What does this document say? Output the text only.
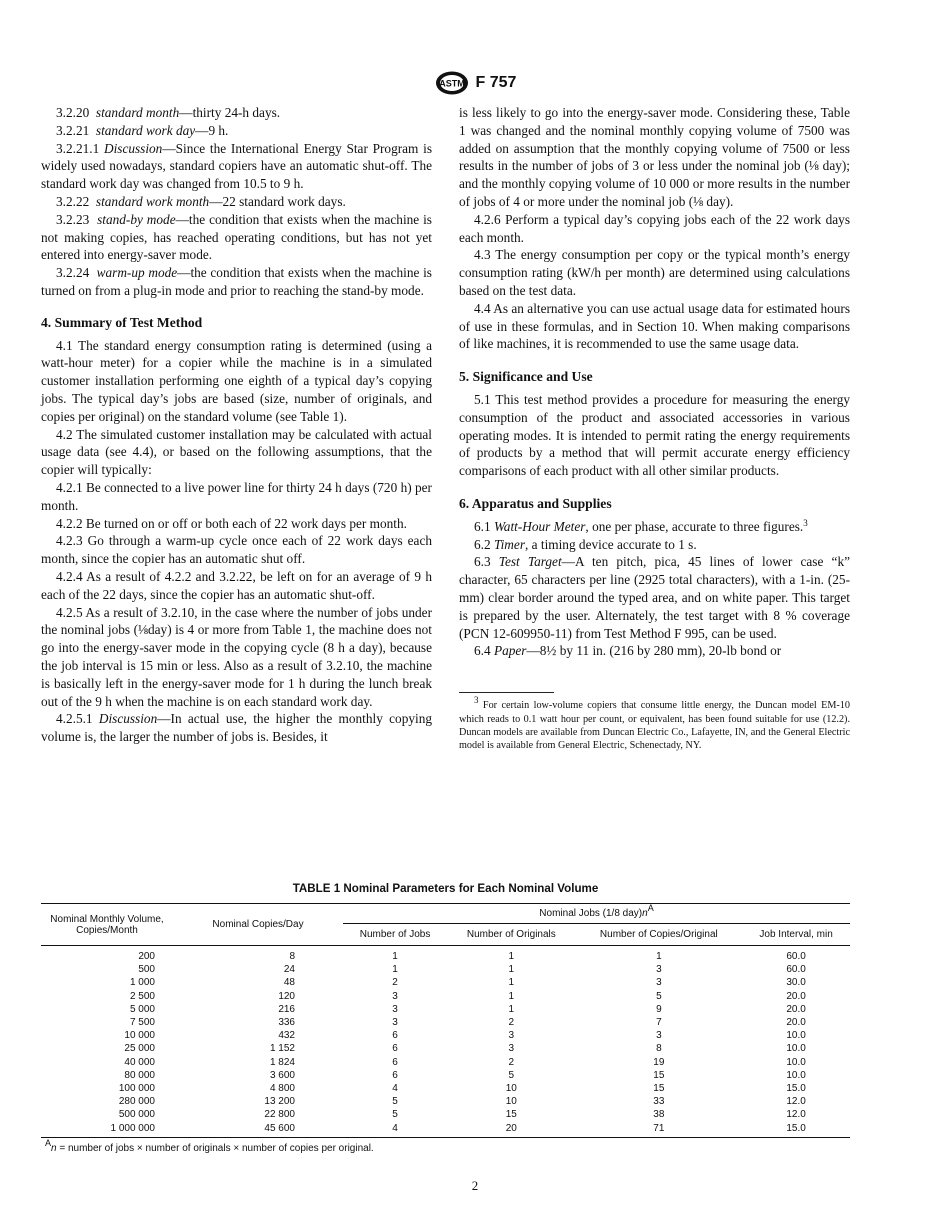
ASTM F 757

3.2.20 standard month—thirty 24-h days.

3.2.21 standard work day—9 h.

3.2.21.1 Discussion—Since the International Energy Star Program is widely used nowadays, standard copiers have an automatic shut-off. The standard work day was changed from 10.5 to 9 h.

3.2.22 standard work month—22 standard work days.

3.2.23 stand-by mode—the condition that exists when the machine is not making copies, has reached operating conditions, but has not yet entered into energy-saver mode.

3.2.24 warm-up mode—the condition that exists when the machine is turned on from a plug-in mode and prior to reaching the stand-by mode.

4. Summary of Test Method

4.1 The standard energy consumption rating is determined (using a watt-hour meter) for a copier while the machine is in a simulated customer installation performing one eighth of a typical day’s copying jobs. The typical day’s jobs are based (size, number of originals, and copies per original) on the standard volume (see Table 1).

4.2 The simulated customer installation may be calculated with actual usage data (see 4.4), or based on the following assumptions, that the copier will typically:

4.2.1 Be connected to a live power line for thirty 24 h days (720 h) per month.

4.2.2 Be turned on or off or both each of 22 work days per month.

4.2.3 Go through a warm-up cycle once each of 22 work days each month, since the copier has an automatic shut off.

4.2.4 As a result of 4.2.2 and 3.2.22, be left on for an average of 9 h each of the 22 days, since the copier has an automatic shut-off.

4.2.5 As a result of 3.2.10, in the case where the number of jobs under the nominal jobs (⅛day) is 4 or more from Table 1, the machine does not go into the energy-saver mode in the copying cycle (8 h a day), because the job interval is 15 min or less. Also as a result of 3.2.10, the machine is basically left in the energy-saver mode for 1 h during the lunch break out of the 9 h when the machine is on each standard work day.

4.2.5.1 Discussion—In actual use, the higher the monthly copying volume is, the larger the number of jobs is. Besides, it

is less likely to go into the energy-saver mode. Considering these, Table 1 was changed and the nominal monthly copying volume of 7500 was added on assumption that the monthly copying volume of 7500 or less results in the number of jobs of 3 or less under the nominal job (⅛ day); and the monthly copying volume of 10 000 or more results in the number of jobs of 4 or more under the nominal job (⅛ day).

4.2.6 Perform a typical day’s copying jobs each of the 22 work days each month.

4.3 The energy consumption per copy or the typical month’s energy consumption rating (kW/h per month) are determined using calculations based on the test data.

4.4 As an alternative you can use actual usage data for estimated hours of use in these formulas, and in Section 10. When making comparisons of like machines, it is recommended to use the same usage data.

5. Significance and Use

5.1 This test method provides a procedure for measuring the energy consumption of the product and associated accessories in various operating modes. It is intended to permit rating the energy requirements of products by a method that will permit accurate energy efficiency comparisons of each product with all other similar products.

6. Apparatus and Supplies

6.1 Watt-Hour Meter, one per phase, accurate to three figures.$^3$

6.2 Timer, a timing device accurate to 1 s.

6.3 Test Target—A ten pitch, pica, 45 lines of lower case “k” character, 65 characters per line (2925 total characters), with a 1-in. (25-mm) clear border around the typed area, and on white paper. This target is prepared by the user. Alternately, the test target with 8 % coverage (PCN 12-609950-11) from Test Method F 995, can be used.

6.4 Paper—8½ by 11 in. (216 by 280 mm), 20-lb bond or

$^3$ For certain low-volume copiers that consume little energy, the Duncan model EM-10 which reads to 0.1 watt hour per count, or equivalent, has been found suitable for use (12.2). Duncan models are available from Duncan Electric Co., Lafayette, IN, and the General Electric model is available from General Electric, Schenectady, NY.

TABLE 1 Nominal Parameters for Each Nominal Volume
Nominal Monthly Volume, Copies/Month	Nominal Copies/Day	Nominal Jobs (1/8 $day)n^A$
		Number of Jobs	Number of Originals	Number of Copies/Original	Job Interval, min
200	8	1	1	1	60.0
500	24	1	1	3	60.0
1 000	48	2	1	3	30.0
2 500	120	3	1	5	20.0
5 000	216	3	1	9	20.0
7 500	336	3	2	7	20.0
10 000	432	6	3	3	10.0
25 000	1 152	6	3	8	10.0
40 000	1 824	6	2	19	10.0
80 000	3 600	6	5	15	10.0
100 000	4 800	4	10	15	15.0
280 000	13 200	5	10	33	12.0
500 000	22 800	5	15	38	12.0
1 000 000	45 600	4	20	71	15.0
$^A$n = number of jobs × number of originals × number of copies per original.
2
